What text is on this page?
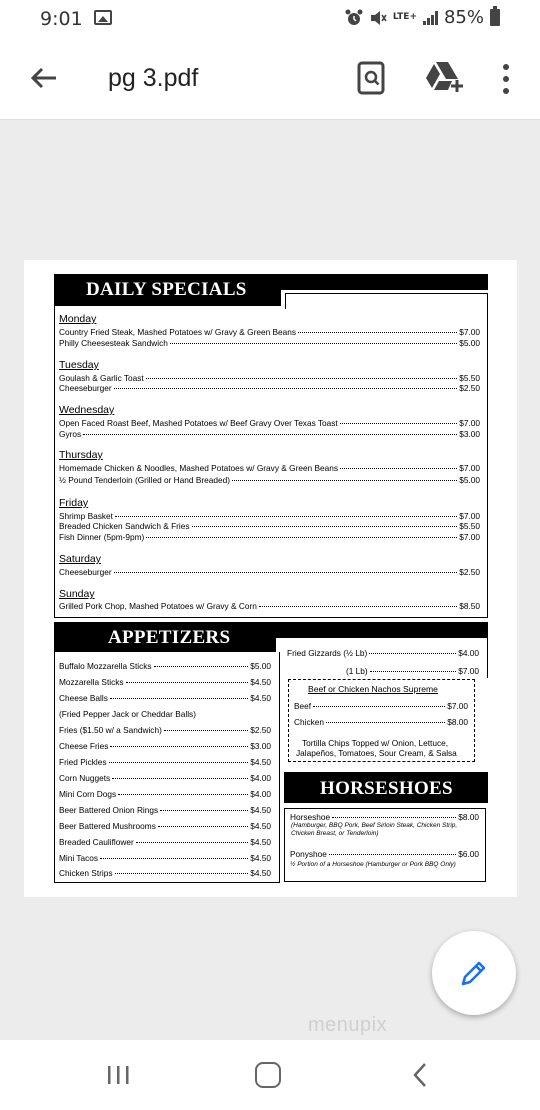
9:01	LTE+ 85%
pg 3.pdf
DAILY SPECIALS
Monday
Country Fried Steak, Mashed Potatoes w/ Gravy & Green Beans	$7.00
Philly Cheesesteak Sandwich	$5.00
Tuesday
Goulash & Garlic Toast	$5.50
Cheeseburger	$2.50
Wednesday
Open Faced Roast Beef, Mashed Potatoes w/ Beef Gravy Over Texas Toast	$7.00
Gyros	$3.00
Thursday
Homemade Chicken & Noodles, Mashed Potatoes w/ Gravy & Green Beans	$7.00
½ Pound Tenderloin (Grilled or Hand Breaded)	$5.00
Friday
Shrimp Basket	$7.00
Breaded Chicken Sandwich & Fries	$5.50
Fish Dinner (5pm-9pm)	$7.00
Saturday
Cheeseburger	$2.50
Sunday
Grilled Pork Chop, Mashed Potatoes w/ Gravy & Corn	$8.50
APPETIZERS
Buffalo Mozzarella Sticks	$5.00
Mozzarella Sticks	$4.50
Cheese Balls	$4.50
(Fried Pepper Jack or Cheddar Balls)
Fries ($1.50 w/ a Sandwich)	$2.50
Cheese Fries	$3.00
Fried Pickles	$4.50
Corn Nuggets	$4.00
Mini Corn Dogs	$4.00
Beer Battered Onion Rings	$4.50
Beer Battered Mushrooms	$4.50
Breaded Cauliflower	$4.50
Mini Tacos	$4.50
Chicken Strips	$4.50
Fried Gizzards (½ Lb)	$4.00
(1 Lb)	$7.00
Beef or Chicken Nachos Supreme
Beef	$7.00
Chicken	$8.00
Tortilla Chips Topped w/ Onion, Lettuce,
Jalapeños, Tomatoes, Sour Cream, & Salsa
HORSESHOES
Horseshoe	$8.00
(Hamburger, BBQ Pork, Beef Sirloin Steak, Chicken Strip,
Chicken Breast, or Tenderloin)
Ponyshoe	$6.00
½ Portion of a Horseshoe (Hamburger or Pork BBQ Only)
menupix
